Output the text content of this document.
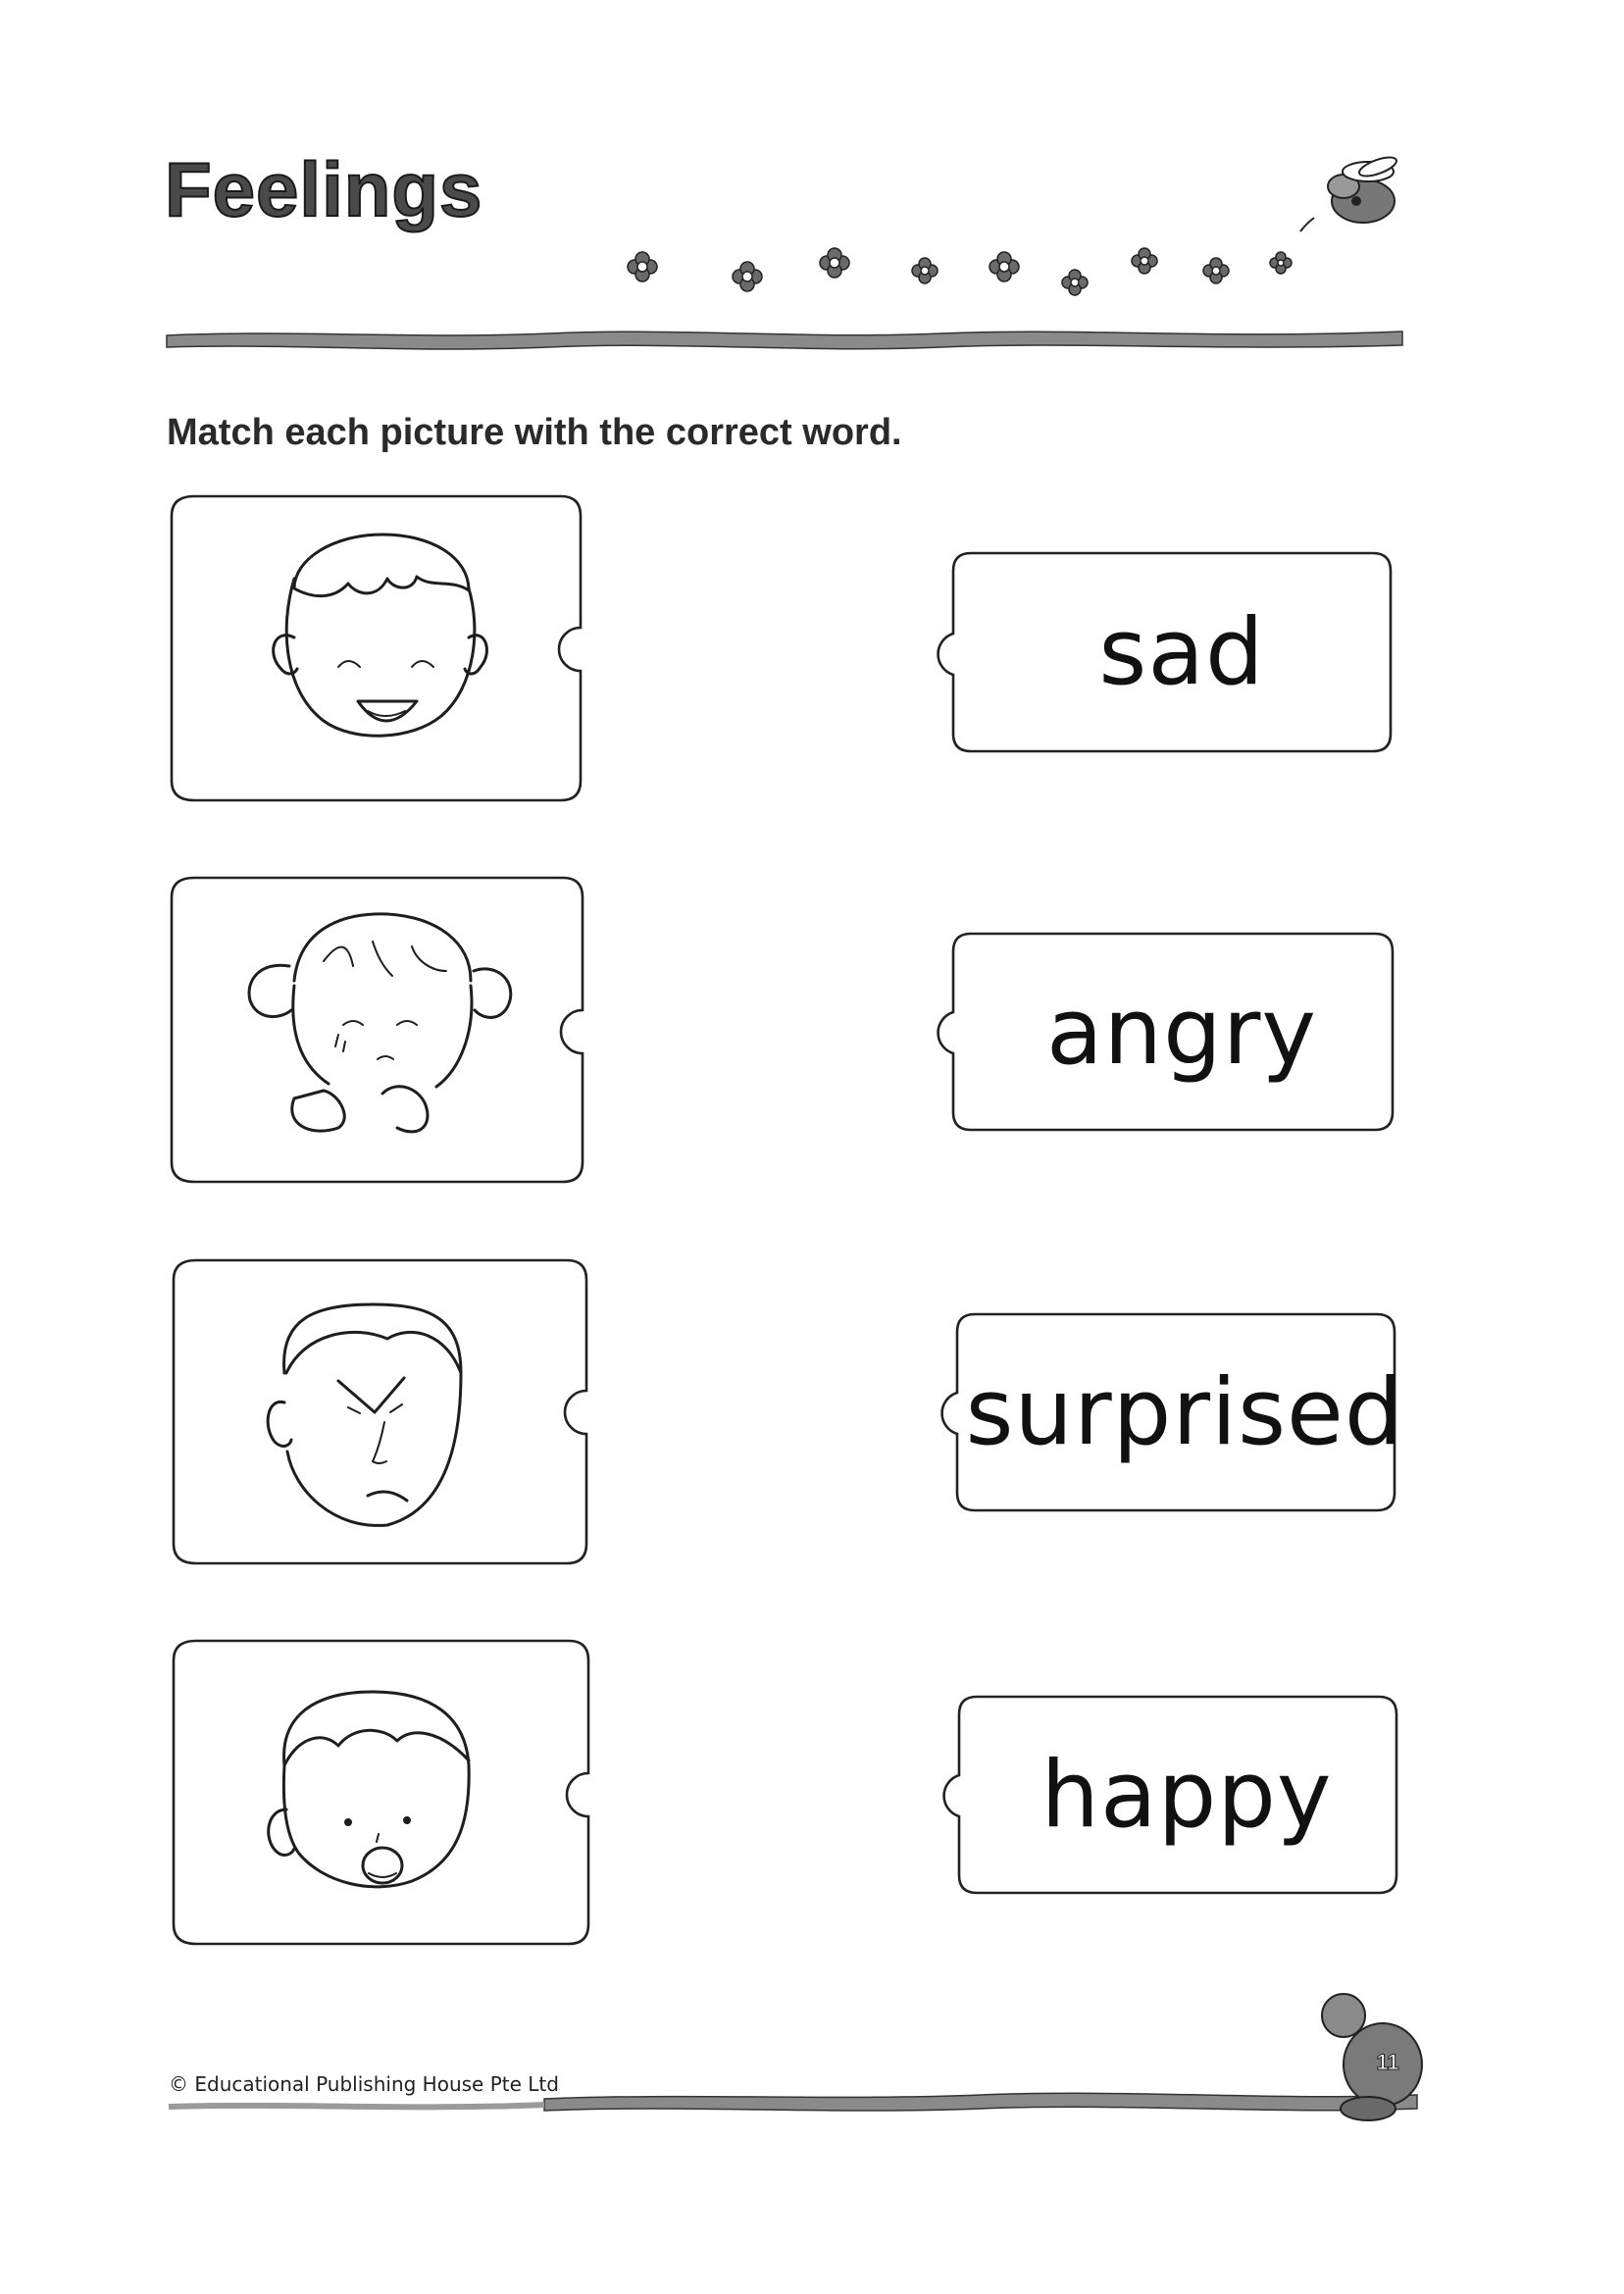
Feelings
Match each picture with the correct word.
sad
angry
surprised
happy
© Educational Publishing House Pte Ltd
11
